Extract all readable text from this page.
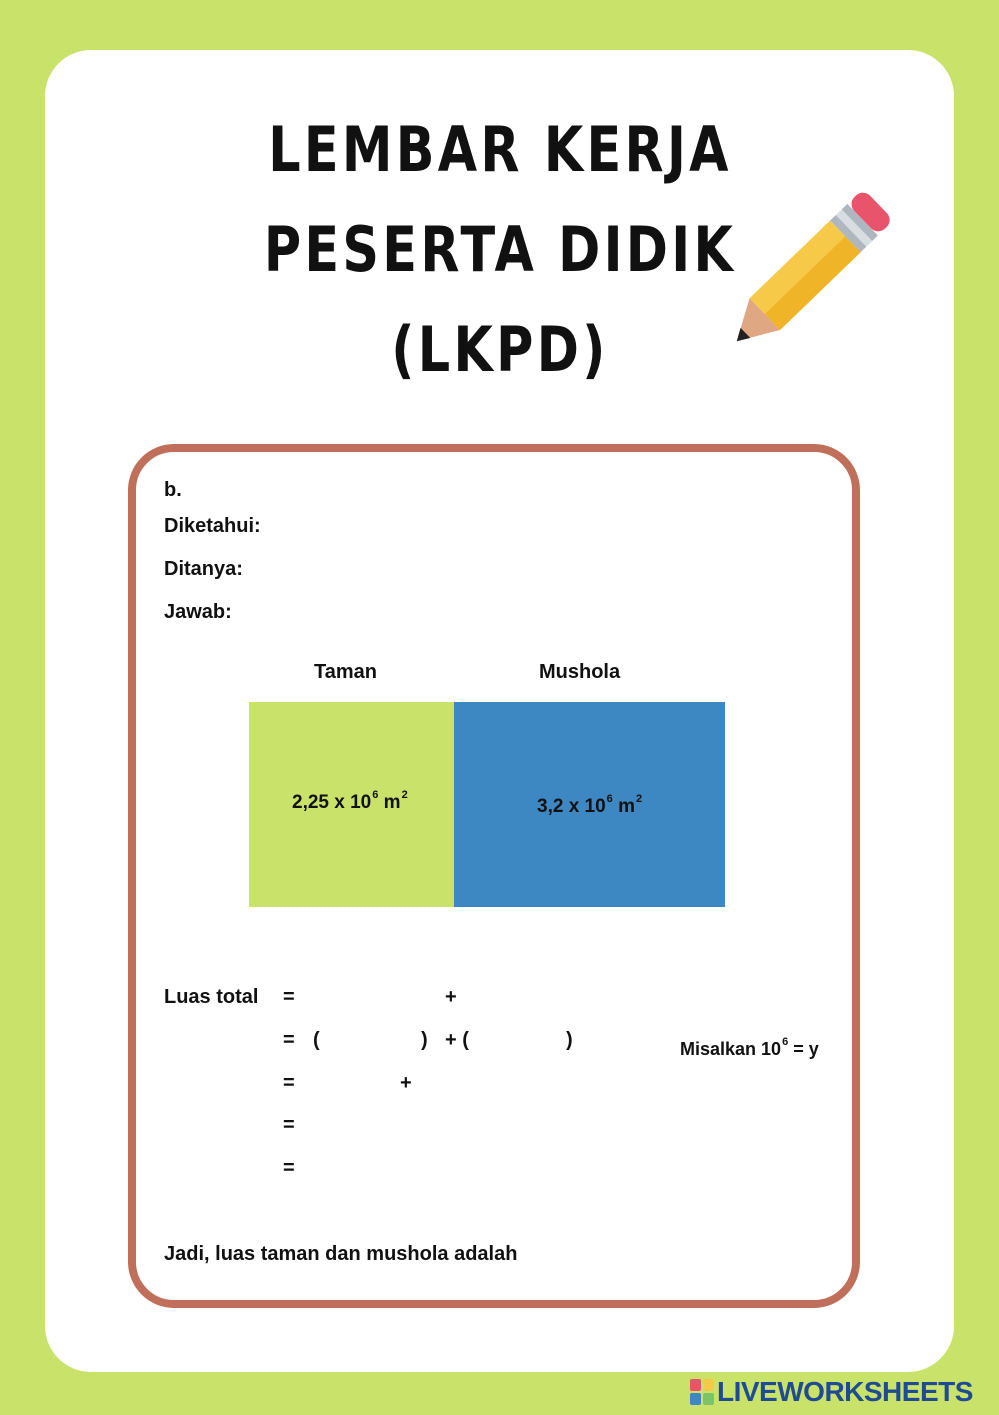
LEMBAR KERJA
PESERTA DIDIK
(LKPD)
b.
Diketahui:
Ditanya:
Jawab:
Taman	Mushola
2,25 x $10^6$ $m^2$
3,2 x $10^6$ $m^2$
Luas total =	+
= (	) + (	)	Misalkan $10^6 = y$
=	+
=
=
Jadi, luas taman dan mushola adalah
LIVEWORKSHEETS
